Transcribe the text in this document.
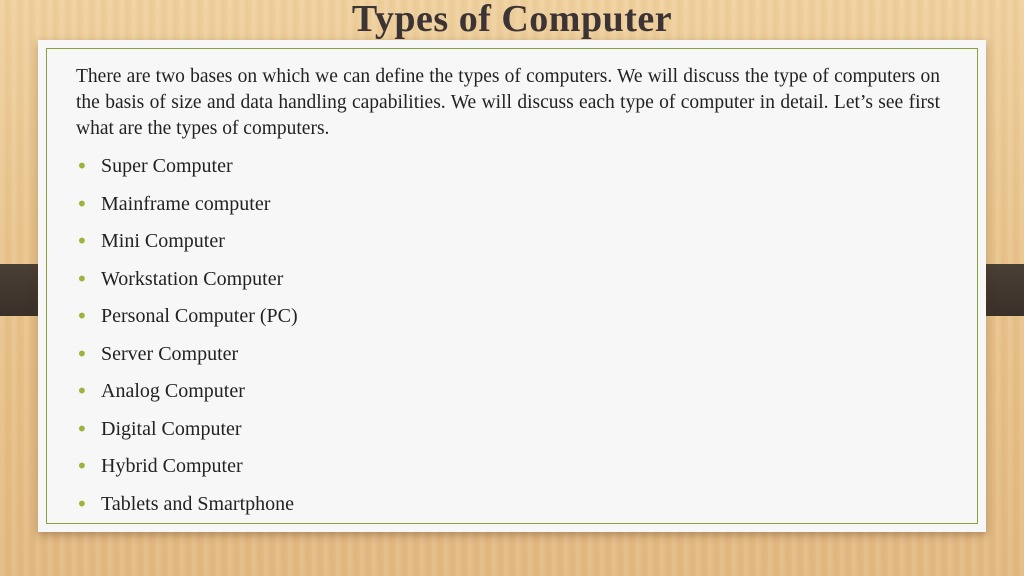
Types of Computer

There are two bases on which we can define the types of computers. We will discuss the type of computers on the basis of size and data handling capabilities. We will discuss each type of computer in detail. Let’s see first what are the types of computers.

• Super Computer
• Mainframe computer
• Mini Computer
• Workstation Computer
• Personal Computer (PC)
• Server Computer
• Analog Computer
• Digital Computer
• Hybrid Computer
• Tablets and Smartphone
